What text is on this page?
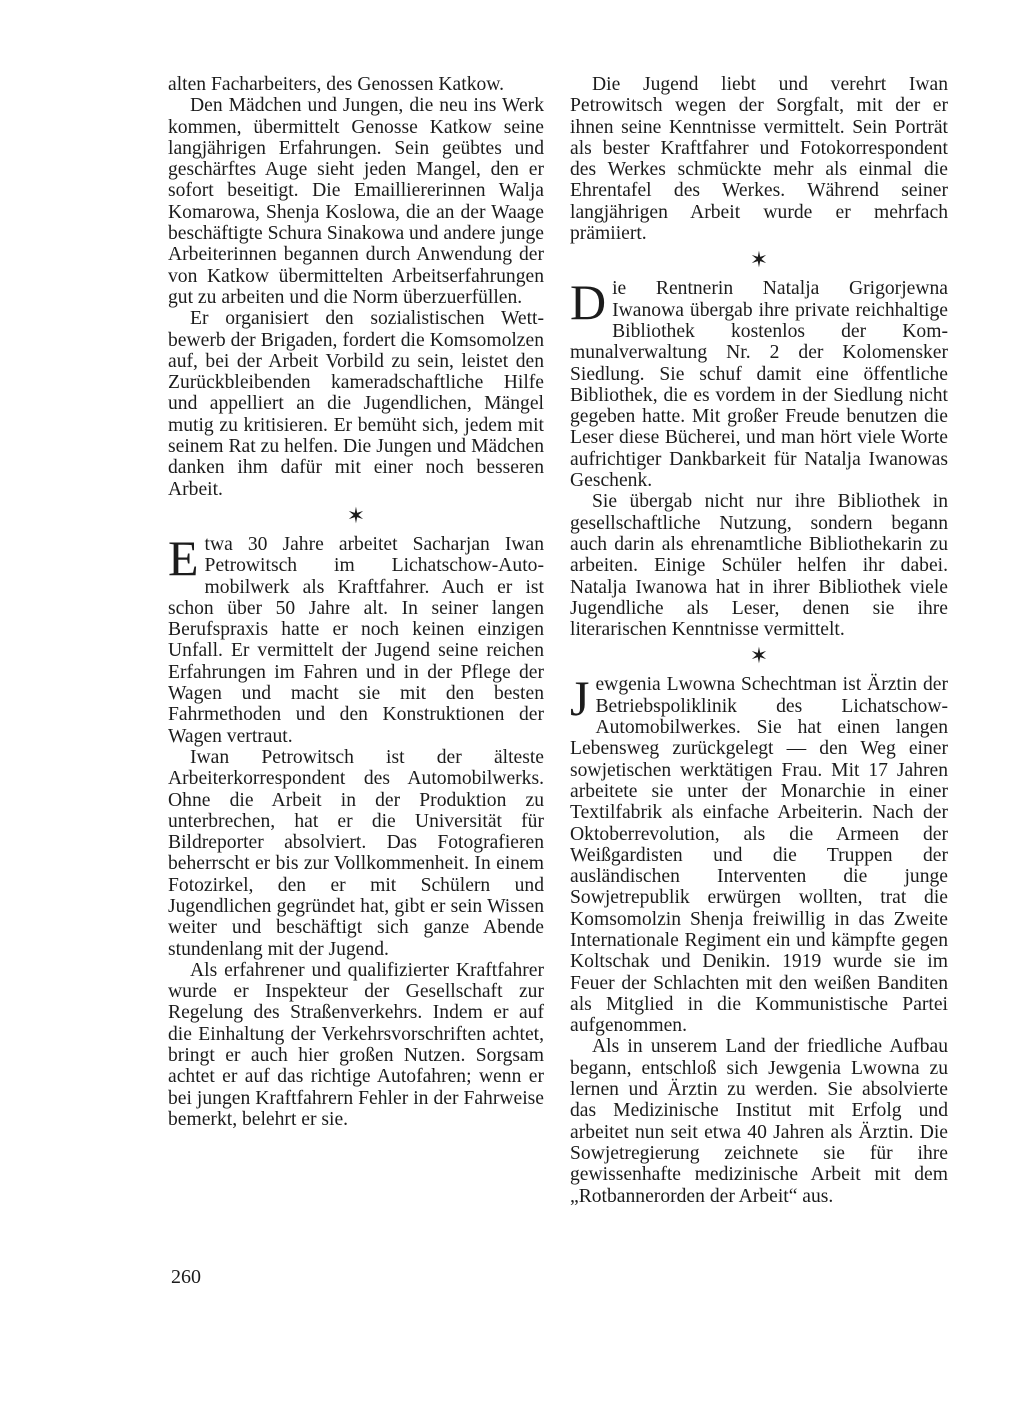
alten Facharbeiters, des Genossen Katkow.

Den Mädchen und Jungen, die neu ins Werk kommen, übermittelt Genosse Katkow seine langjährigen Erfahrungen. Sein geübtes und geschärftes Auge sieht jeden Mangel, den er sofort beseitigt. Die Emailliererinnen Walja Komarowa, Shenja Koslowa, die an der Waage beschäftigte Schura Sinakowa und andere junge Arbeiterinnen begannen durch Anwendung der von Katkow übermittelten Arbeitserfahrungen gut zu arbeiten und die Norm überzuerfüllen.

Er organisiert den sozialistischen Wettbewerb der Brigaden, fordert die Komsomolzen auf, bei der Arbeit Vorbild zu sein, leistet den Zurückbleibenden kameradschaftliche Hilfe und appelliert an die Jugendlichen, Mängel mutig zu kritisieren. Er bemüht sich, jedem mit seinem Rat zu helfen. Die Jungen und Mädchen danken ihm dafür mit einer noch besseren Arbeit.

✶

Etwa 30 Jahre arbeitet Sacharjan Iwan Petrowitsch im Lichatschow-Automobilwerk als Kraftfahrer. Auch er ist schon über 50 Jahre alt. In seiner langen Berufspraxis hatte er noch keinen einzigen Unfall. Er vermittelt der Jugend seine reichen Erfahrungen im Fahren und in der Pflege der Wagen und macht sie mit den besten Fahrmethoden und den Konstruktionen der Wagen vertraut.

Iwan Petrowitsch ist der älteste Arbeiterkorrespondent des Automobilwerks. Ohne die Arbeit in der Produktion zu unterbrechen, hat er die Universität für Bildreporter absolviert. Das Fotografieren beherrscht er bis zur Vollkommenheit. In einem Fotozirkel, den er mit Schülern und Jugendlichen gegründet hat, gibt er sein Wissen weiter und beschäftigt sich ganze Abende stundenlang mit der Jugend.

Als erfahrener und qualifizierter Kraftfahrer wurde er Inspekteur der Gesellschaft zur Regelung des Straßenverkehrs. Indem er auf die Einhaltung der Verkehrsvorschriften achtet, bringt er auch hier großen Nutzen. Sorgsam achtet er auf das richtige Autofahren; wenn er bei jungen Kraftfahrern Fehler in der Fahrweise bemerkt, belehrt er sie.

Die Jugend liebt und verehrt Iwan Petrowitsch wegen der Sorgfalt, mit der er ihnen seine Kenntnisse vermittelt. Sein Porträt als bester Kraftfahrer und Fotokorrespondent des Werkes schmückte mehr als einmal die Ehrentafel des Werkes. Während seiner langjährigen Arbeit wurde er mehrfach prämiiert.

✶

Die Rentnerin Natalja Grigorjewna Iwanowa übergab ihre private reichhaltige Bibliothek kostenlos der Kommunalverwaltung Nr. 2 der Kolomensker Siedlung. Sie schuf damit eine öffentliche Bibliothek, die es vordem in der Siedlung nicht gegeben hatte. Mit großer Freude benutzen die Leser diese Bücherei, und man hört viele Worte aufrichtiger Dankbarkeit für Natalja Iwanowas Geschenk.

Sie übergab nicht nur ihre Bibliothek in gesellschaftliche Nutzung, sondern begann auch darin als ehrenamtliche Bibliothekarin zu arbeiten. Einige Schüler helfen ihr dabei. Natalja Iwanowa hat in ihrer Bibliothek viele Jugendliche als Leser, denen sie ihre literarischen Kenntnisse vermittelt.

✶

Jewgenia Lwowna Schechtman ist Ärztin der Betriebspoliklinik des Lichatschow-Automobilwerkes. Sie hat einen langen Lebensweg zurückgelegt — den Weg einer sowjetischen werktätigen Frau. Mit 17 Jahren arbeitete sie unter der Monarchie in einer Textilfabrik als einfache Arbeiterin. Nach der Oktoberrevolution, als die Armeen der Weißgardisten und die Truppen der ausländischen Interventen die junge Sowjetrepublik erwürgen wollten, trat die Komsomolzin Shenja freiwillig in das Zweite Internationale Regiment ein und kämpfte gegen Koltschak und Denikin. 1919 wurde sie im Feuer der Schlachten mit den weißen Banditen als Mitglied in die Kommunistische Partei aufgenommen.

Als in unserem Land der friedliche Aufbau begann, entschloß sich Jewgenia Lwowna zu lernen und Ärztin zu werden. Sie absolvierte das Medizinische Institut mit Erfolg und arbeitet nun seit etwa 40 Jahren als Ärztin. Die Sowjetregierung zeichnete sie für ihre gewissenhafte medizinische Arbeit mit dem „Rotbannerorden der Arbeit“ aus.

260
